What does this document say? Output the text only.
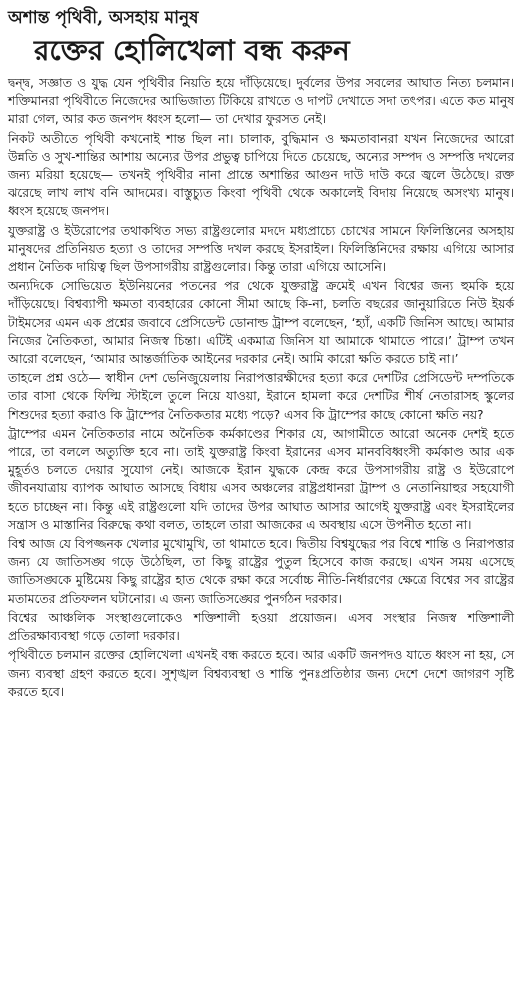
অশান্ত পৃথিবী, অসহায় মানুষ
রক্তের হোলিখেলা বন্ধ করুন

দ্বন্দ্ব, সজ্ঞাত ও যুদ্ধ যেন পৃথিবীর নিয়তি হয়ে দাঁড়িয়েছে। দুর্বলের উপর সবলের আঘাত নিত্য চলমান। শক্তিমানরা পৃথিবীতে নিজেদের আভিজাত্য টিকিয়ে রাখতে ও দাপট দেখাতে সদা তৎপর। এতে কত মানুষ মারা গেল, আর কত জনপদ ধ্বংস হলো— তা দেখার ফুরসত নেই।

নিকট অতীতে পৃথিবী কখনোই শান্ত ছিল না। চালাক, বুদ্ধিমান ও ক্ষমতাবানরা যখন নিজেদের আরো উন্নতি ও সুখ-শান্তির আশায় অন্যের উপর প্রভুত্ব চাপিয়ে দিতে চেয়েছে, অন্যের সম্পদ ও সম্পত্তি দখলের জন্য মরিয়া হয়েছে— তখনই পৃথিবীর নানা প্রান্তে অশান্তির আগুন দাউ দাউ করে জ্বলে উঠেছে। রক্ত ঝরেছে লাখ লাখ বনি আদমের। বাস্তুচ্যুত কিংবা পৃথিবী থেকে অকালেই বিদায় নিয়েছে অসংখ্য মানুষ। ধ্বংস হয়েছে জনপদ।

যুক্তরাষ্ট্র ও ইউরোপের তথাকথিত সভ্য রাষ্ট্রগুলোর মদদে মধ্যপ্রাচ্যে চোখের সামনে ফিলিস্তিনের অসহায় মানুষদের প্রতিনিয়ত হত্যা ও তাদের সম্পত্তি দখল করছে ইসরাইল। ফিলিস্তিনিদের রক্ষায় এগিয়ে আসার প্রধান নৈতিক দায়িত্ব ছিল উপসাগরীয় রাষ্ট্রগুলোর। কিন্তু তারা এগিয়ে আসেনি।

অন্যদিকে সোভিয়েত ইউনিয়নের পতনের পর থেকে যুক্তরাষ্ট্র ক্রমেই এখন বিশ্বের জন্য হুমকি হয়ে দাঁড়িয়েছে। বিশ্বব্যাপী ক্ষমতা ব্যবহারের কোনো সীমা আছে কি-না, চলতি বছরের জানুয়ারিতে নিউ ইয়র্ক টাইমসের এমন এক প্রশ্নের জবাবে প্রেসিডেন্ট ডোনাল্ড ট্রাম্প বলেছেন, ‘হ্যাঁ, একটি জিনিস আছে। আমার নিজের নৈতিকতা, আমার নিজস্ব চিন্তা। এটিই একমাত্র জিনিস যা আমাকে থামাতে পারে।’ ট্রাম্প তখন আরো বলেছেন, ‘আমার আন্তর্জাতিক আইনের দরকার নেই। আমি কারো ক্ষতি করতে চাই না।’

তাহলে প্রশ্ন ওঠে— স্বাধীন দেশ ভেনিজুয়েলায় নিরাপত্তারক্ষীদের হত্যা করে দেশটির প্রেসিডেন্ট দম্পতিকে তার বাসা থেকে ফিল্মি স্টাইলে তুলে নিয়ে যাওয়া, ইরানে হামলা করে দেশটির শীর্ষ নেতারাসহ স্কুলের শিশুদের হত্যা করাও কি ট্রাম্পের নৈতিকতার মধ্যে পড়ে? এসব কি ট্রাম্পের কাছে কোনো ক্ষতি নয়?

ট্রাম্পের এমন নৈতিকতার নামে অনৈতিক কর্মকাণ্ডের শিকার যে, আগামীতে আরো অনেক দেশই হতে পারে, তা বললে অত্যুক্তি হবে না। তাই যুক্তরাষ্ট্র কিংবা ইরানের এসব মানববিধ্বংসী কর্মকাণ্ড আর এক মুহূর্তও চলতে দেয়ার সুযোগ নেই। আজকে ইরান যুদ্ধকে কেন্দ্র করে উপসাগরীয় রাষ্ট্র ও ইউরোপে জীবনযাত্রায় ব্যাপক আঘাত আসছে বিধায় এসব অঞ্চলের রাষ্ট্রপ্রধানরা ট্রাম্প ও নেতানিয়াহুর সহযোগী হতে চাচ্ছেন না। কিন্তু এই রাষ্ট্রগুলো যদি তাদের উপর আঘাত আসার আগেই যুক্তরাষ্ট্র এবং ইসরাইলের সন্ত্রাস ও মাস্তানির বিরুদ্ধে কথা বলত, তাহলে তারা আজকের এ অবস্থায় এসে উপনীত হতো না।

বিশ্ব আজ যে বিপজ্জনক খেলার মুখোমুখি, তা থামাতে হবে। দ্বিতীয় বিশ্বযুদ্ধের পর বিশ্বে শান্তি ও নিরাপত্তার জন্য যে জাতিসঙ্ঘ গড়ে উঠেছিল, তা কিছু রাষ্ট্রের পুতুল হিসেবে কাজ করছে। এখন সময় এসেছে জাতিসঙ্ঘকে মুষ্টিমেয় কিছু রাষ্ট্রের হাত থেকে রক্ষা করে সর্বোচ্চ নীতি-নির্ধারণের ক্ষেত্রে বিশ্বের সব রাষ্ট্রের মতামতের প্রতিফলন ঘটানোর। এ জন্য জাতিসঙ্ঘের পুনর্গঠন দরকার।

বিশ্বের আঞ্চলিক সংস্থাগুলোকেও শক্তিশালী হওয়া প্রয়োজন। এসব সংস্থার নিজস্ব শক্তিশালী প্রতিরক্ষাব্যবস্থা গড়ে তোলা দরকার।

পৃথিবীতে চলমান রক্তের হোলিখেলা এখনই বন্ধ করতে হবে। আর একটি জনপদও যাতে ধ্বংস না হয়, সে জন্য ব্যবস্থা গ্রহণ করতে হবে। সুশৃঙ্খল বিশ্বব্যবস্থা ও শান্তি পুনঃপ্রতিষ্ঠার জন্য দেশে দেশে জাগরণ সৃষ্টি করতে হবে।
